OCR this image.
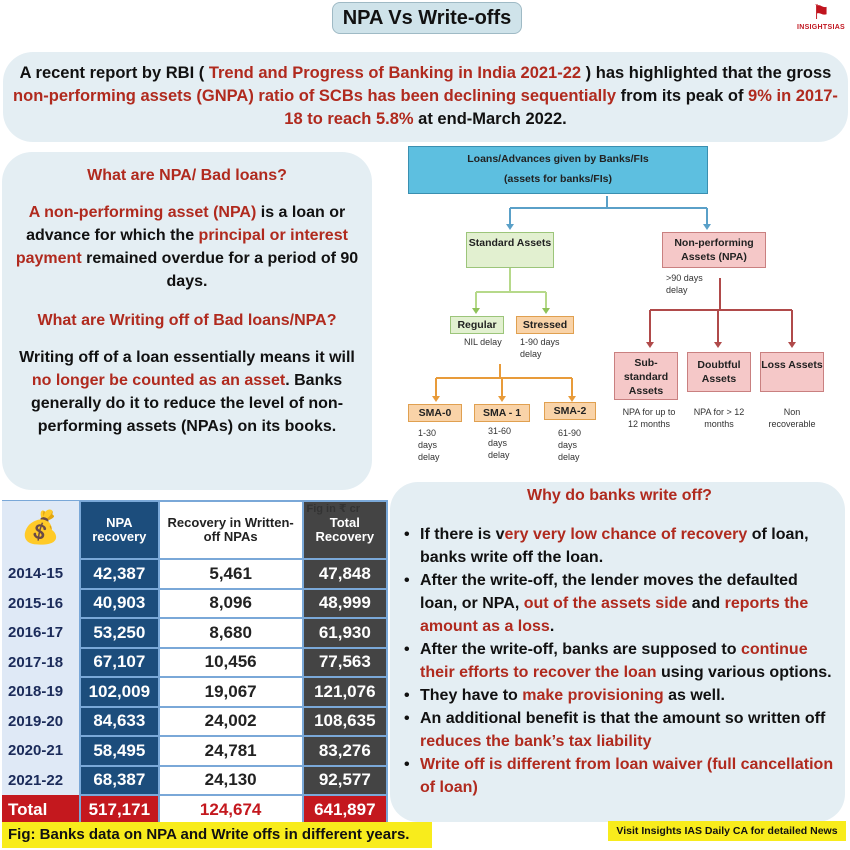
NPA Vs Write-offs	⚑
INSIGHTSIAS
A recent report by RBI ( Trend and Progress of Banking in India 2021-22 ) has highlighted that the gross non-performing assets (GNPA) ratio of SCBs has been declining sequentially from its peak of 9% in 2017-18 to reach 5.8% at end-March 2022.
What are NPA/ Bad loans?

A non-performing asset (NPA) is a loan or advance for which the principal or interest payment remained overdue for a period of 90 days.

What are Writing off of Bad loans/NPA?

Writing off of a loan essentially means it will no longer be counted as an asset. Banks generally do it to reduce the level of non-performing assets (NPAs) on its books.

Loans/Advances given by Banks/FIs
(assets for banks/FIs)
Standard Assets	Non-performing Assets (NPA)
>90 days delay
Regular
NIL delay
Stressed
1-90 days delay
SMA-0
1-30 days delay
SMA - 1
31-60 days delay
SMA-2
61-90 days delay
Sub-standard Assets
NPA for up to 12 months
Doubtful Assets
NPA for > 12 months
Loss Assets
Non recoverable
Fig in ₹ cr
💰	NPA recovery	Recovery in Written-off NPAs	Total Recovery
2014-15	42,387	5,461	47,848
2015-16	40,903	8,096	48,999
2016-17	53,250	8,680	61,930
2017-18	67,107	10,456	77,563
2018-19	102,009	19,067	121,076
2019-20	84,633	24,002	108,635
2020-21	58,495	24,781	83,276
2021-22	68,387	24,130	92,577
Total	517,171	124,674	641,897
Why do banks write off?
• If there is very very low chance of recovery of loan, banks write off the loan.
• After the write-off, the lender moves the defaulted loan, or NPA, out of the assets side and reports the amount as a loss.
• After the write-off, banks are supposed to continue their efforts to recover the loan using various options.
• They have to make provisioning as well.
• An additional benefit is that the amount so written off reduces the bank’s tax liability
• Write off is different from loan waiver (full cancellation of loan)
Fig: Banks data on NPA and Write offs in different years.	Visit Insights IAS Daily CA for detailed News
